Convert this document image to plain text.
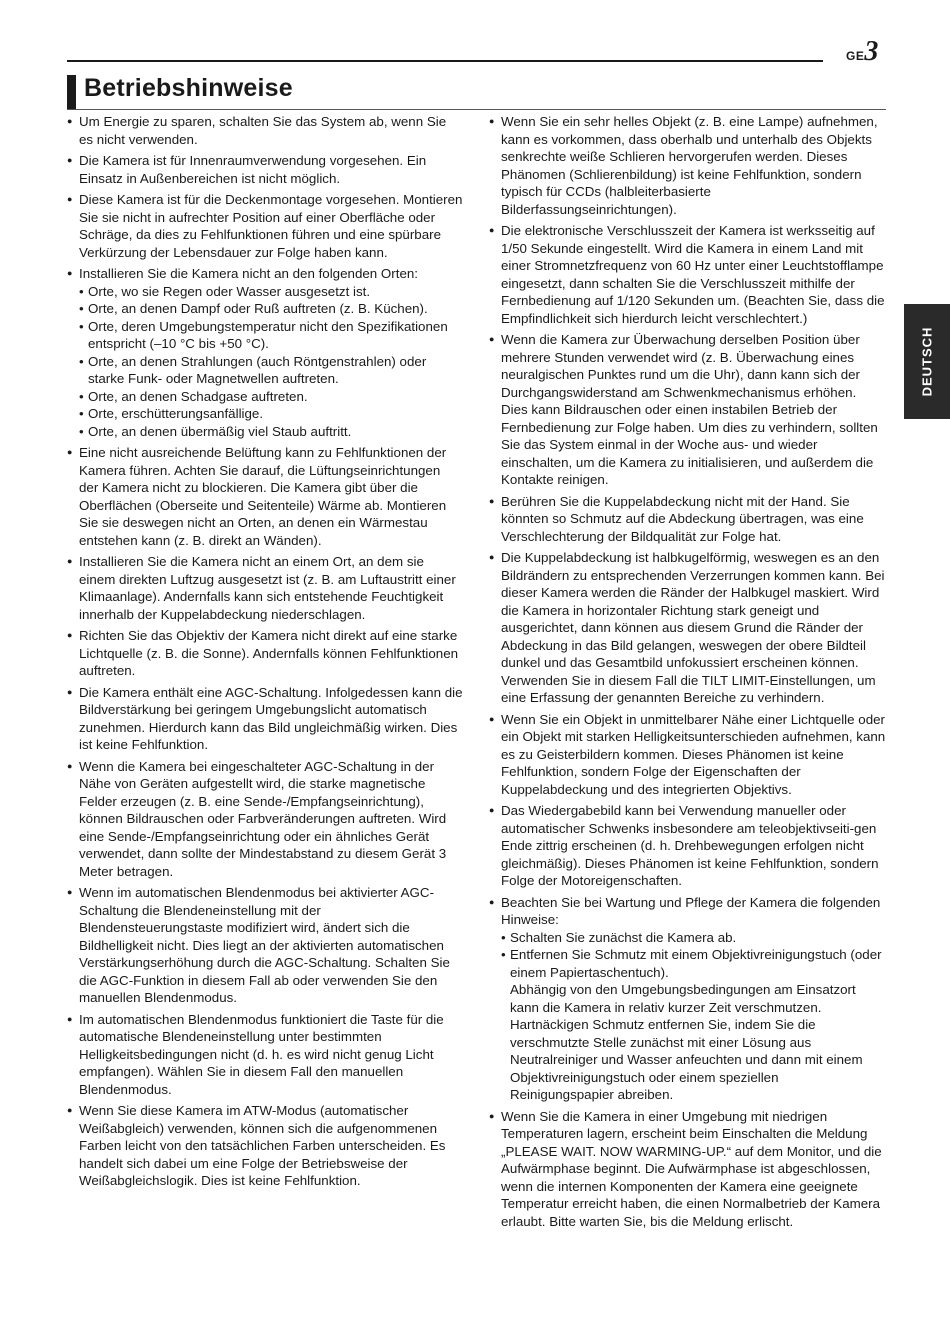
GE3
Betriebshinweise
DEUTSCH
● Um Energie zu sparen, schalten Sie das System ab, wenn Sie es nicht verwenden.
● Die Kamera ist für Innenraumverwendung vorgesehen. Ein Einsatz in Außenbereichen ist nicht möglich.
● Diese Kamera ist für die Deckenmontage vorgesehen. Montieren Sie sie nicht in aufrechter Position auf einer Oberfläche oder Schräge, da dies zu Fehlfunktionen führen und eine spürbare Verkürzung der Lebensdauer zur Folge haben kann.
● Installieren Sie die Kamera nicht an den folgenden Orten:
• Orte, wo sie Regen oder Wasser ausgesetzt ist.
• Orte, an denen Dampf oder Ruß auftreten (z. B. Küchen).
• Orte, deren Umgebungstemperatur nicht den Spezifikationen entspricht (–10 °C bis +50 °C).
• Orte, an denen Strahlungen (auch Röntgenstrahlen) oder starke Funk- oder Magnetwellen auftreten.
• Orte, an denen Schadgase auftreten.
• Orte, erschütterungsanfällige.
• Orte, an denen übermäßig viel Staub auftritt.
● Eine nicht ausreichende Belüftung kann zu Fehlfunktionen der Kamera führen. Achten Sie darauf, die Lüftungseinrichtungen der Kamera nicht zu blockieren. Die Kamera gibt über die Oberflächen (Oberseite und Seitenteile) Wärme ab. Montieren Sie sie deswegen nicht an Orten, an denen ein Wärmestau entstehen kann (z. B. direkt an Wänden).
● Installieren Sie die Kamera nicht an einem Ort, an dem sie einem direkten Luftzug ausgesetzt ist (z. B. am Luftaustritt einer Klimaanlage). Andernfalls kann sich entstehende Feuchtigkeit innerhalb der Kuppelabdeckung niederschlagen.
● Richten Sie das Objektiv der Kamera nicht direkt auf eine starke Lichtquelle (z. B. die Sonne). Andernfalls können Fehlfunktionen auftreten.
● Die Kamera enthält eine AGC-Schaltung. Infolgedessen kann die Bildverstärkung bei geringem Umgebungslicht automatisch zunehmen. Hierdurch kann das Bild ungleichmäßig wirken. Dies ist keine Fehlfunktion.
● Wenn die Kamera bei eingeschalteter AGC-Schaltung in der Nähe von Geräten aufgestellt wird, die starke magnetische Felder erzeugen (z. B. eine Sende-/Empfangseinrichtung), können Bildrauschen oder Farbveränderungen auftreten. Wird eine Sende-/Empfangseinrichtung oder ein ähnliches Gerät verwendet, dann sollte der Mindestabstand zu diesem Gerät 3 Meter betragen.
● Wenn im automatischen Blendenmodus bei aktivierter AGC-Schaltung die Blendeneinstellung mit der Blendensteuerungstaste modifiziert wird, ändert sich die Bildhelligkeit nicht. Dies liegt an der aktivierten automatischen Verstärkungserhöhung durch die AGC-Schaltung. Schalten Sie die AGC-Funktion in diesem Fall ab oder verwenden Sie den manuellen Blendenmodus.
● Im automatischen Blendenmodus funktioniert die Taste für die automatische Blendeneinstellung unter bestimmten Helligkeitsbedingungen nicht (d. h. es wird nicht genug Licht empfangen). Wählen Sie in diesem Fall den manuellen Blendenmodus.
● Wenn Sie diese Kamera im ATW-Modus (automatischer Weißabgleich) verwenden, können sich die aufgenommenen Farben leicht von den tatsächlichen Farben unterscheiden. Es handelt sich dabei um eine Folge der Betriebsweise der Weißabgleichslogik. Dies ist keine Fehlfunktion.
● Wenn Sie ein sehr helles Objekt (z. B. eine Lampe) aufnehmen, kann es vorkommen, dass oberhalb und unterhalb des Objekts senkrechte weiße Schlieren hervorgerufen werden. Dieses Phänomen (Schlierenbildung) ist keine Fehlfunktion, sondern typisch für CCDs (halbleiterbasierte Bilderfassungseinrichtungen).
● Die elektronische Verschlusszeit der Kamera ist werksseitig auf 1/50 Sekunde eingestellt. Wird die Kamera in einem Land mit einer Stromnetzfrequenz von 60 Hz unter einer Leuchtstofflampe eingesetzt, dann schalten Sie die Verschlusszeit mithilfe der Fernbedienung auf 1/120 Sekunden um. (Beachten Sie, dass die Empfindlichkeit sich hierdurch leicht verschlechtert.)
● Wenn die Kamera zur Überwachung derselben Position über mehrere Stunden verwendet wird (z. B. Überwachung eines neuralgischen Punktes rund um die Uhr), dann kann sich der Durchgangswiderstand am Schwenkmechanismus erhöhen. Dies kann Bildrauschen oder einen instabilen Betrieb der Fernbedienung zur Folge haben. Um dies zu verhindern, sollten Sie das System einmal in der Woche aus- und wieder einschalten, um die Kamera zu initialisieren, und außerdem die Kontakte reinigen.
● Berühren Sie die Kuppelabdeckung nicht mit der Hand. Sie könnten so Schmutz auf die Abdeckung übertragen, was eine Verschlechterung der Bildqualität zur Folge hat.
● Die Kuppelabdeckung ist halbkugelförmig, weswegen es an den Bildrändern zu entsprechenden Verzerrungen kommen kann. Bei dieser Kamera werden die Ränder der Halbkugel maskiert. Wird die Kamera in horizontaler Richtung stark geneigt und ausgerichtet, dann können aus diesem Grund die Ränder der Abdeckung in das Bild gelangen, weswegen der obere Bildteil dunkel und das Gesamtbild unfokussiert erscheinen können. Verwenden Sie in diesem Fall die TILT LIMIT-Einstellungen, um eine Erfassung der genannten Bereiche zu verhindern.
● Wenn Sie ein Objekt in unmittelbarer Nähe einer Lichtquelle oder ein Objekt mit starken Helligkeitsunterschieden aufnehmen, kann es zu Geisterbildern kommen. Dieses Phänomen ist keine Fehlfunktion, sondern Folge der Eigenschaften der Kuppelabdeckung und des integrierten Objektivs.
● Das Wiedergabebild kann bei Verwendung manueller oder automatischer Schwenks insbesondere am teleobjektivseiti-gen Ende zittrig erscheinen (d. h. Drehbewegungen erfolgen nicht gleichmäßig). Dieses Phänomen ist keine Fehlfunktion, sondern Folge der Motoreigenschaften.
● Beachten Sie bei Wartung und Pflege der Kamera die folgenden Hinweise:
• Schalten Sie zunächst die Kamera ab.
• Entfernen Sie Schmutz mit einem Objektivreinigungstuch (oder einem Papiertaschentuch).
Abhängig von den Umgebungsbedingungen am Einsatzort kann die Kamera in relativ kurzer Zeit verschmutzen. Hartnäckigen Schmutz entfernen Sie, indem Sie die verschmutzte Stelle zunächst mit einer Lösung aus Neutralreiniger und Wasser anfeuchten und dann mit einem Objektivreinigungstuch oder einem speziellen Reinigungspapier abreiben.
● Wenn Sie die Kamera in einer Umgebung mit niedrigen Temperaturen lagern, erscheint beim Einschalten die Meldung „PLEASE WAIT. NOW WARMING-UP.“ auf dem Monitor, und die Aufwärmphase beginnt. Die Aufwärmphase ist abgeschlossen, wenn die internen Komponenten der Kamera eine geeignete Temperatur erreicht haben, die einen Normalbetrieb der Kamera erlaubt. Bitte warten Sie, bis die Meldung erlischt.
